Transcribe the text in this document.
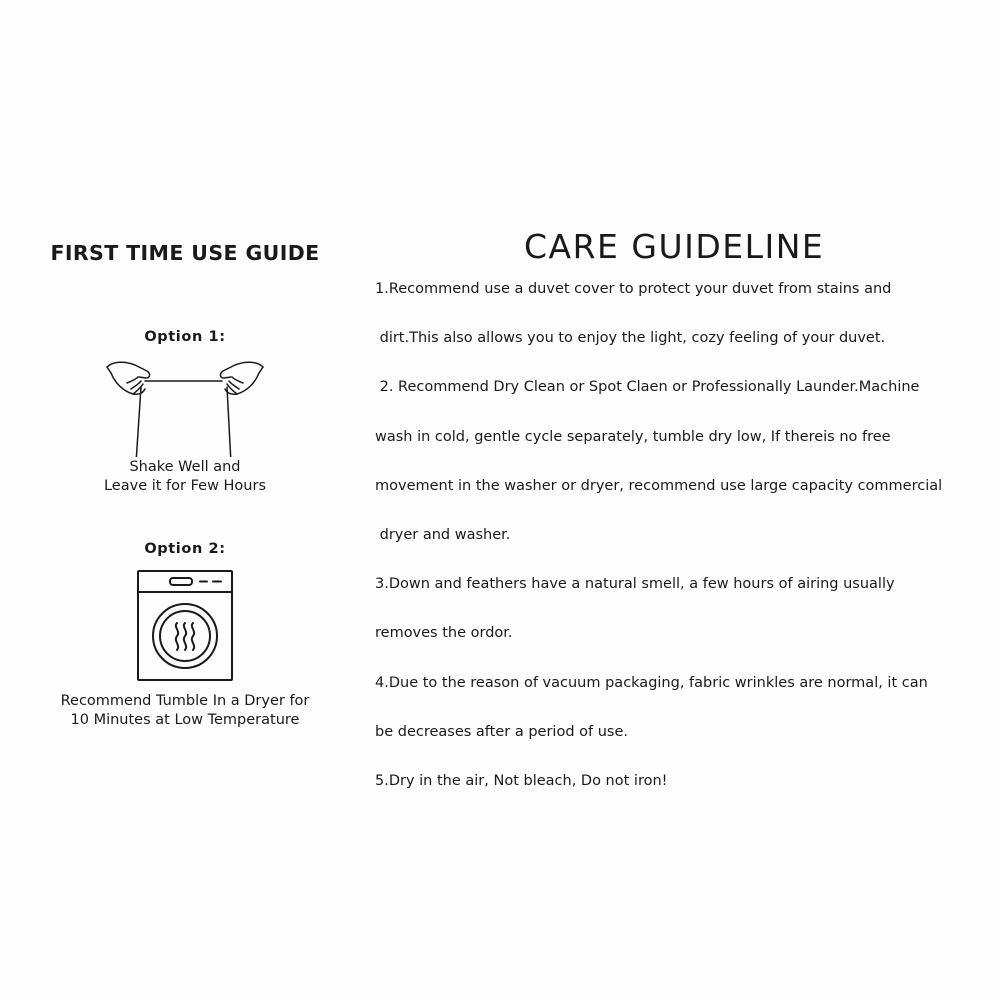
FIRST TIME USE GUIDE
Option 1:
Shake Well and
Leave it for Few Hours
Option 2:
Recommend Tumble In a Dryer for
10 Minutes at Low Temperature
CARE GUIDELINE
1.Recommend use a duvet cover to protect your duvet from stains and
dirt.This also allows you to enjoy the light, cozy feeling of your duvet.
2. Recommend Dry Clean or Spot Claen or Professionally Launder.Machine
wash in cold, gentle cycle separately, tumble dry low, If thereis no free
movement in the washer or dryer, recommend use large capacity commercial
dryer and washer.
3.Down and feathers have a natural smell, a few hours of airing usually
removes the ordor.
4.Due to the reason of vacuum packaging, fabric wrinkles are normal, it can
be decreases after a period of use.
5.Dry in the air, Not bleach, Do not iron!
